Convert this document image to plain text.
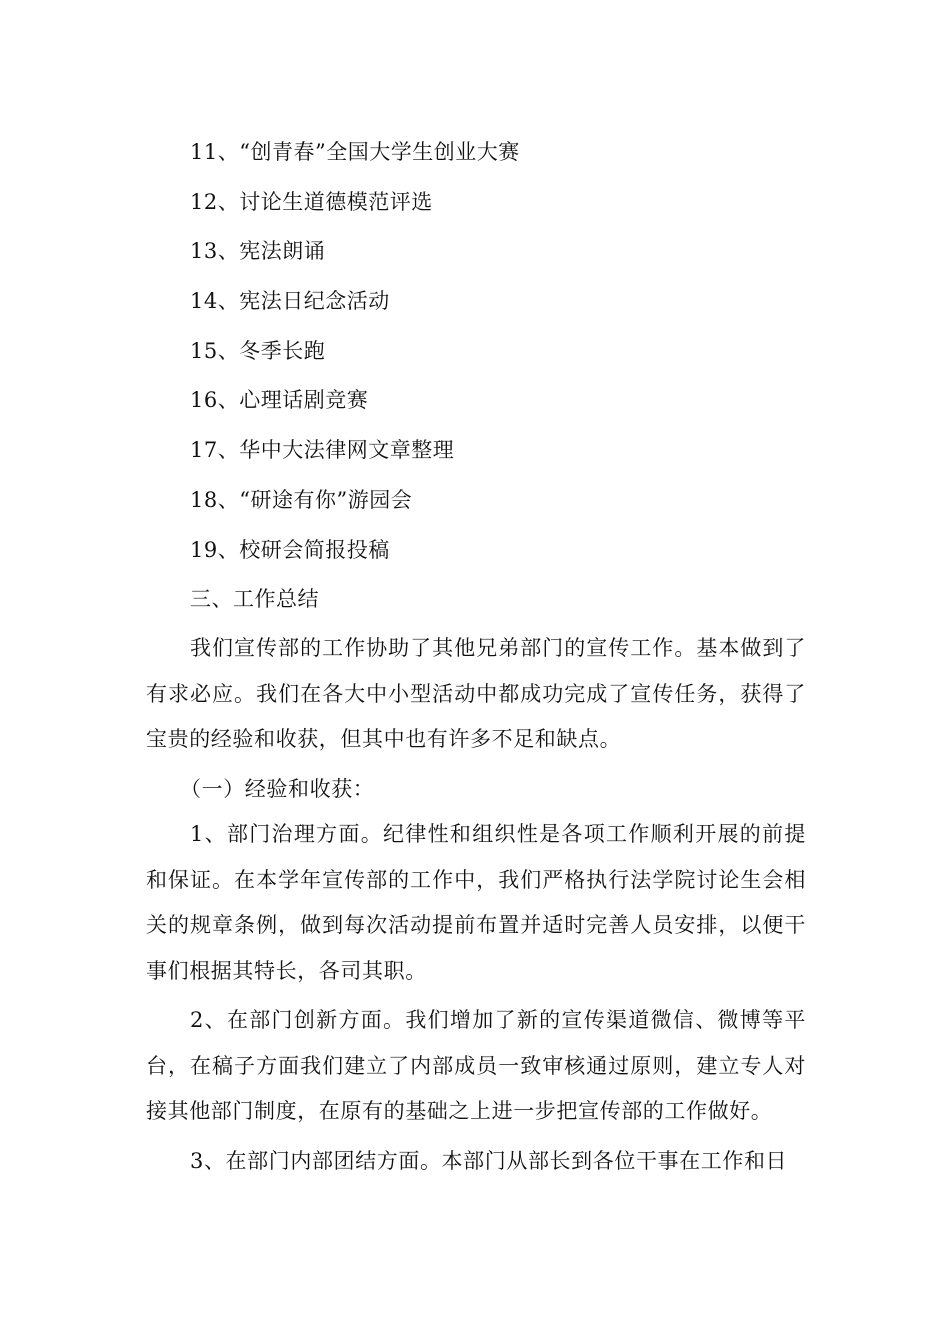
11、“创青春”全国大学生创业大赛
12、讨论生道德模范评选
13、宪法朗诵
14、宪法日纪念活动
15、冬季长跑
16、心理话剧竞赛
17、华中大法律网文章整理
18、“研途有你”游园会
19、校研会简报投稿
三、工作总结

我们宣传部的工作协助了其他兄弟部门的宣传工作。基本做到了有求必应。我们在各大中小型活动中都成功完成了宣传任务，获得了宝贵的经验和收获，但其中也有许多不足和缺点。

（一）经验和收获：

1、部门治理方面。纪律性和组织性是各项工作顺利开展的前提和保证。在本学年宣传部的工作中，我们严格执行法学院讨论生会相关的规章条例，做到每次活动提前布置并适时完善人员安排，以便干事们根据其特长，各司其职。

2、在部门创新方面。我们增加了新的宣传渠道微信、微博等平台，在稿子方面我们建立了内部成员一致审核通过原则，建立专人对接其他部门制度，在原有的基础之上进一步把宣传部的工作做好。

3、在部门内部团结方面。本部门从部长到各位干事在工作和日
